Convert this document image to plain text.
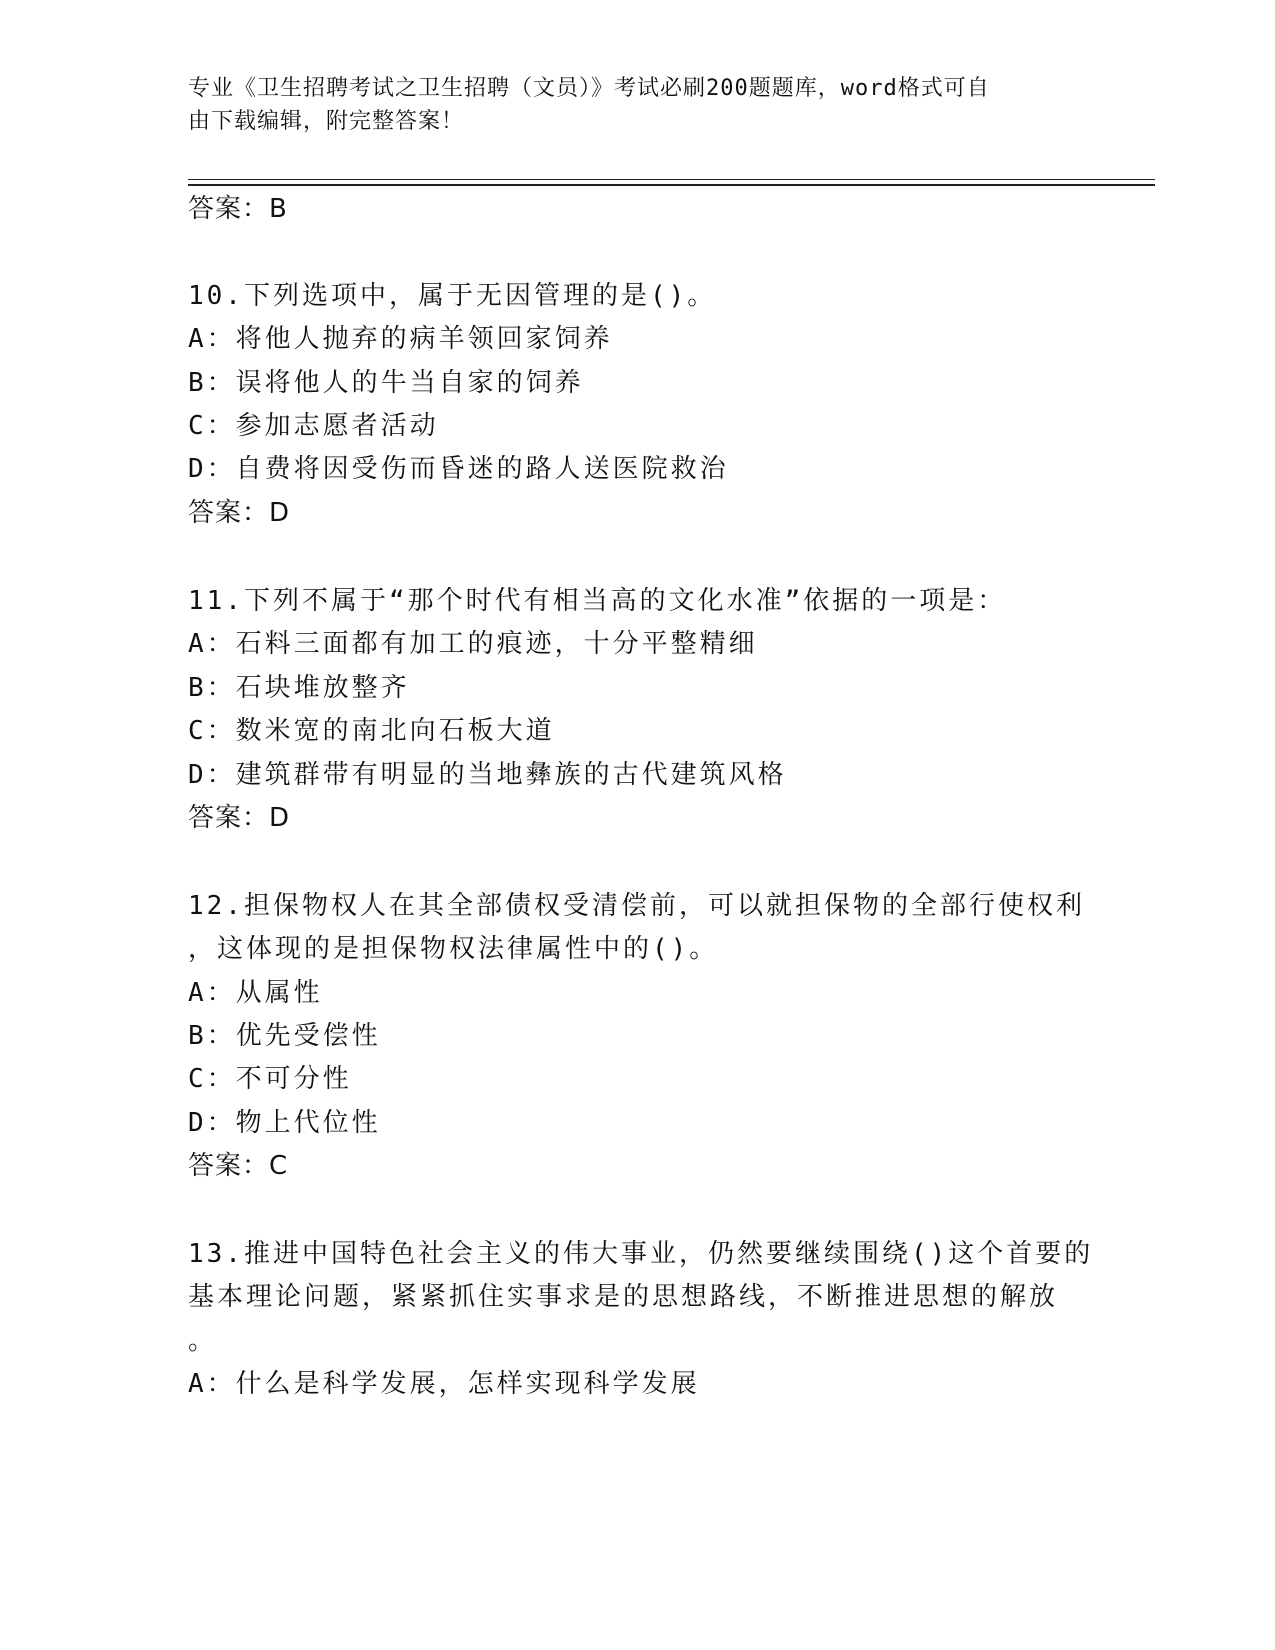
专业《卫生招聘考试之卫生招聘（文员）》考试必刷200题题库，word格式可自
由下载编辑，附完整答案！
答案：B
10.下列选项中，属于无因管理的是()。
A：将他人抛弃的病羊领回家饲养
B：误将他人的牛当自家的饲养
C：参加志愿者活动
D：自费将因受伤而昏迷的路人送医院救治
答案：D
11.下列不属于“那个时代有相当高的文化水准”依据的一项是：
A：石料三面都有加工的痕迹，十分平整精细
B：石块堆放整齐
C：数米宽的南北向石板大道
D：建筑群带有明显的当地彝族的古代建筑风格
答案：D
12.担保物权人在其全部债权受清偿前，可以就担保物的全部行使权利
，这体现的是担保物权法律属性中的()。
A：从属性
B：优先受偿性
C：不可分性
D：物上代位性
答案：C
13.推进中国特色社会主义的伟大事业，仍然要继续围绕()这个首要的
基本理论问题，紧紧抓住实事求是的思想路线，不断推进思想的解放
。
A：什么是科学发展，怎样实现科学发展
